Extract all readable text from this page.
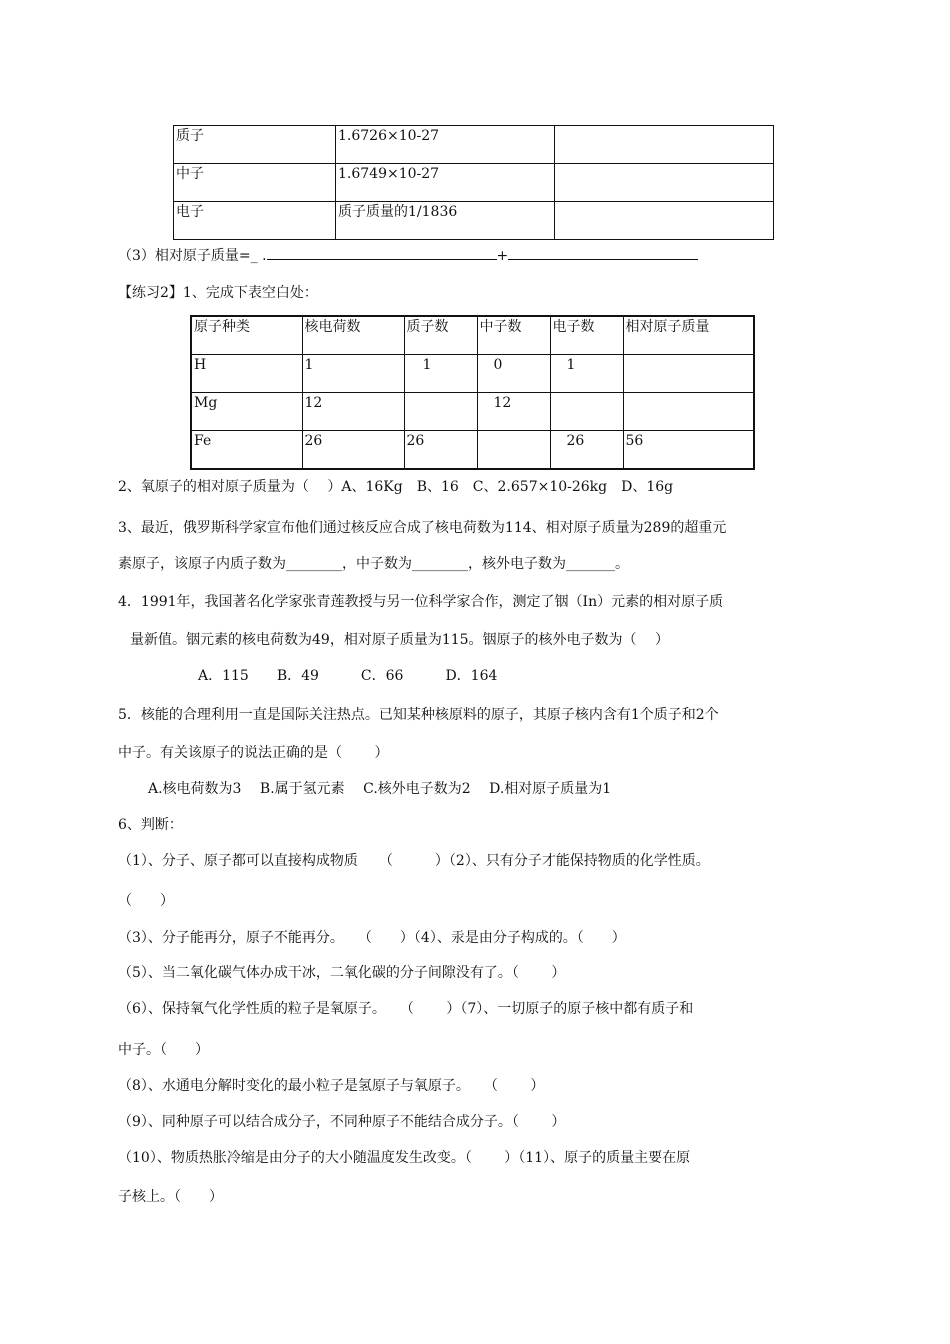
质子	1.6726×10-27	
中子	1.6749×10-27	
电子	质子质量的1/1836	
（3）相对原子质量=_ .	+
【练习2】1、完成下表空白处：
原子种类	核电荷数	质子数	中子数	电子数	相对原子质量
H	1	1	0	1	
Mg	12		12		
Fe	26	26		26	56
2、氧原子的相对原子质量为（　 ）A、16Kg　B、16　C、2.657×10-26kg　D、16g
3、最近，俄罗斯科学家宣布他们通过核反应合成了核电荷数为114、相对原子质量为289的超重元
素原子，该原子内质子数为________，中子数为________，核外电子数为_______。
4．1991年，我国著名化学家张青莲教授与另一位科学家合作，测定了铟（In）元素的相对原子质
量新值。铟元素的核电荷数为49，相对原子质量为115。铟原子的核外电子数为（　 ）
A．115　　B．49　　　C．66　　　D．164
5．核能的合理利用一直是国际关注热点。已知某种核原料的原子，其原子核内含有1个质子和2个
中子。有关该原子的说法正确的是（　　 ）
A.核电荷数为3　 B.属于氢元素　 C.核外电子数为2　 D.相对原子质量为1
6、判断：
（1）、分子、原子都可以直接构成物质　　（　　　）（2）、只有分子才能保持物质的化学性质。
（　　）
（3）、分子能再分，原子不能再分。　　（　　）（4）、汞是由分子构成的。（　　）
（5）、当二氧化碳气体办成干冰，二氧化碳的分子间隙没有了。（　　 ）
（6）、保持氧气化学性质的粒子是氧原子。　　（　　 ）（7）、一切原子的原子核中都有质子和
中子。（　　）
（8）、水通电分解时变化的最小粒子是氢原子与氧原子。　　（　　 ）
（9）、同种原子可以结合成分子，不同种原子不能结合成分子。（　　 ）
（10）、物质热胀冷缩是由分子的大小随温度发生改变。（　　 ）（11）、原子的质量主要在原
子核上。（　　）
